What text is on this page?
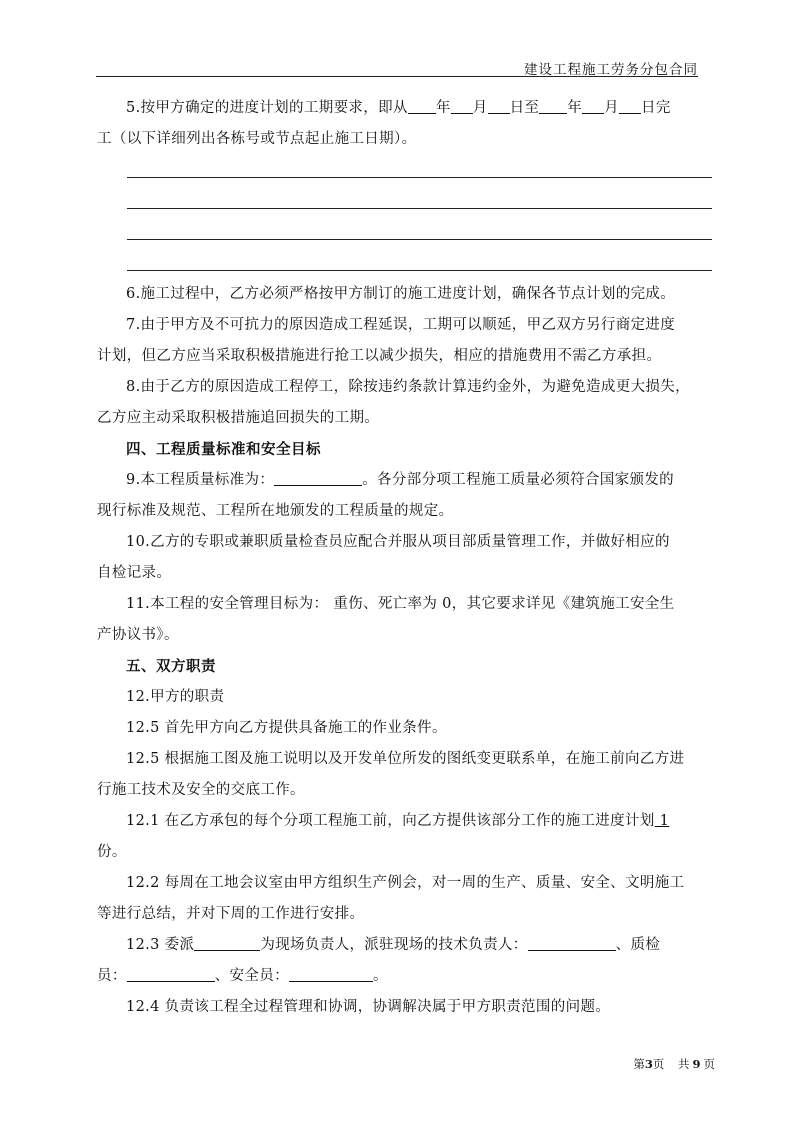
建设工程施工劳务分包合同
5.按甲方确定的进度计划的工期要求，即从 年 月 日至 年 月 日完
工（以下详细列出各栋号或节点起止施工日期）。
6.施工过程中，乙方必须严格按甲方制订的施工进度计划，确保各节点计划的完成。
7.由于甲方及不可抗力的原因造成工程延误，工期可以顺延，甲乙双方另行商定进度
计划，但乙方应当采取积极措施进行抢工以减少损失，相应的措施费用不需乙方承担。
8.由于乙方的原因造成工程停工，除按违约条款计算违约金外，为避免造成更大损失，
乙方应主动采取积极措施追回损失的工期。
四、工程质量标准和安全目标
9.本工程质量标准为：	。各分部分项工程施工质量必须符合国家颁发的
现行标准及规范、工程所在地颁发的工程质量的规定。
10.乙方的专职或兼职质量检查员应配合并服从项目部质量管理工作，并做好相应的
自检记录。
11.本工程的安全管理目标为： 重伤、死亡率为 0，其它要求详见《建筑施工安全生
产协议书》。
五、双方职责
12.甲方的职责
12.5 首先甲方向乙方提供具备施工的作业条件。
12.5 根据施工图及施工说明以及开发单位所发的图纸变更联系单，在施工前向乙方进
行施工技术及安全的交底工作。
12.1 在乙方承包的每个分项工程施工前，向乙方提供该部分工作的施工进度计划 1
份。
12.2 每周在工地会议室由甲方组织生产例会，对一周的生产、质量、安全、文明施工
等进行总结，并对下周的工作进行安排。
12.3 委派	为现场负责人，派驻现场的技术负责人：	、质检
员：	、安全员：	。
12.4 负责该工程全过程管理和协调，协调解决属于甲方职责范围的问题。
第3页 共 9 页
